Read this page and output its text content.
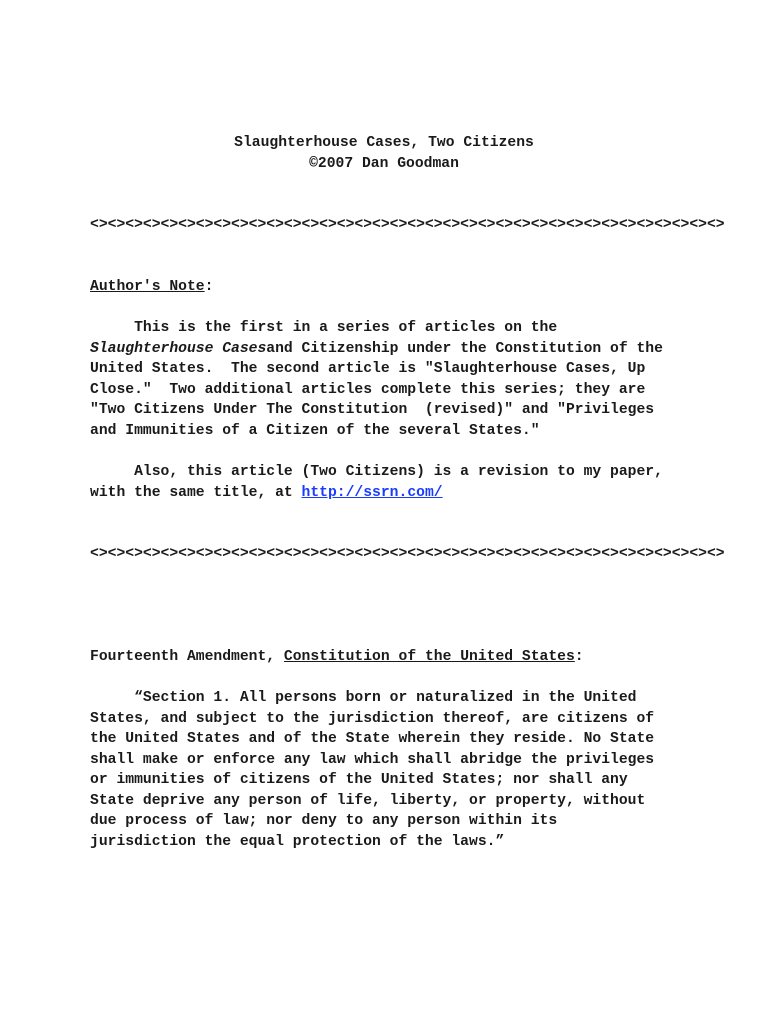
Slaughterhouse Cases, Two Citizens
©2007 Dan Goodman
<><><><><><><><><><><><><><><><><><><><><><><><><><><><><><><><><><><><>
Author's Note:
This is the first in a series of articles on the
Slaughterhouse Casesand Citizenship under the Constitution of the
United States.  The second article is "Slaughterhouse Cases, Up
Close."  Two additional articles complete this series; they are
"Two Citizens Under The Constitution  (revised)" and "Privileges
and Immunities of a Citizen of the several States."
Also, this article (Two Citizens) is a revision to my paper,
with the same title, at http://ssrn.com/
<><><><><><><><><><><><><><><><><><><><><><><><><><><><><><><><><><><><>
Fourteenth Amendment, Constitution of the United States:
“Section 1. All persons born or naturalized in the United
States, and subject to the jurisdiction thereof, are citizens of
the United States and of the State wherein they reside. No State
shall make or enforce any law which shall abridge the privileges
or immunities of citizens of the United States; nor shall any
State deprive any person of life, liberty, or property, without
due process of law; nor deny to any person within its
jurisdiction the equal protection of the laws.”
